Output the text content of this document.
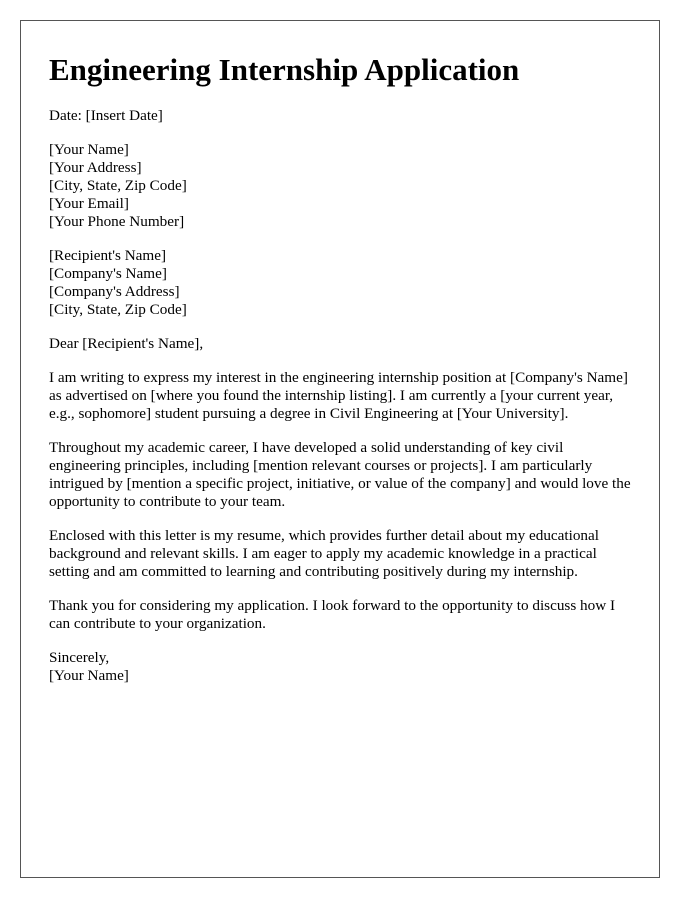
Engineering Internship Application
Date: [Insert Date]
[Your Name]
[Your Address]
[City, State, Zip Code]
[Your Email]
[Your Phone Number]
[Recipient's Name]
[Company's Name]
[Company's Address]
[City, State, Zip Code]
Dear [Recipient's Name],

I am writing to express my interest in the engineering internship position at [Company's Name] as advertised on [where you found the internship listing]. I am currently a [your current year, e.g., sophomore] student pursuing a degree in Civil Engineering at [Your University].

Throughout my academic career, I have developed a solid understanding of key civil engineering principles, including [mention relevant courses or projects]. I am particularly intrigued by [mention a specific project, initiative, or value of the company] and would love the opportunity to contribute to your team.

Enclosed with this letter is my resume, which provides further detail about my educational background and relevant skills. I am eager to apply my academic knowledge in a practical setting and am committed to learning and contributing positively during my internship.

Thank you for considering my application. I look forward to the opportunity to discuss how I can contribute to your organization.

Sincerely,
[Your Name]
